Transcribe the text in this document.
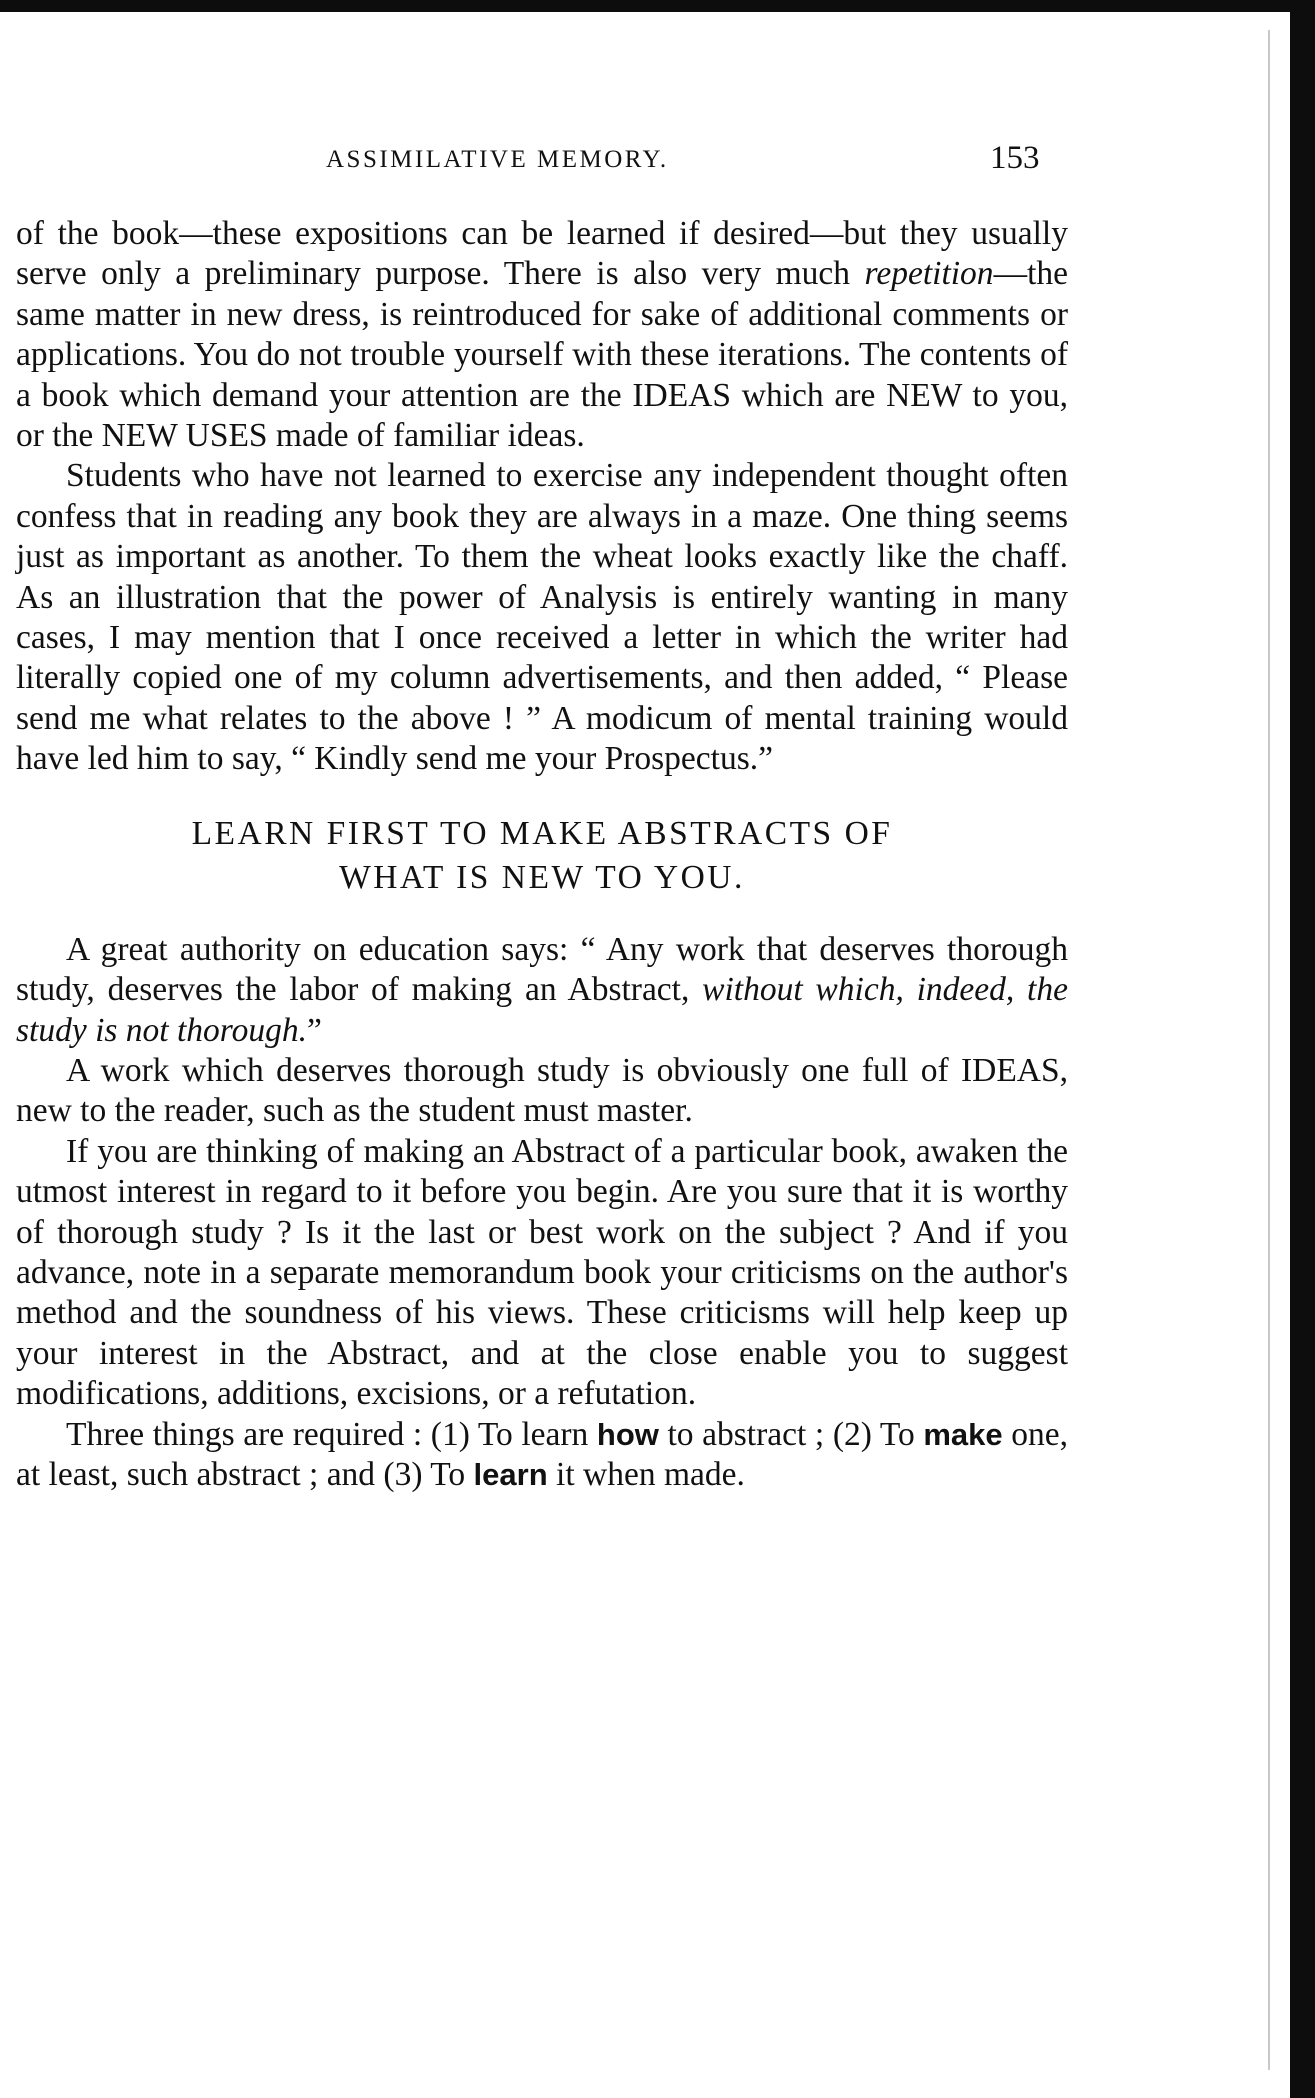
ASSIMILATIVE MEMORY.	153

of the book—these expositions can be learned if desired—but they usually serve only a preliminary purpose. There is also very much repetition—the same matter in new dress, is reintroduced for sake of additional comments or applications. You do not trouble yourself with these iterations. The contents of a book which demand your attention are the IDEAS which are NEW to you, or the NEW USES made of familiar ideas.

Students who have not learned to exercise any independent thought often confess that in reading any book they are always in a maze. One thing seems just as important as another. To them the wheat looks exactly like the chaff. As an illustration that the power of Analysis is entirely wanting in many cases, I may mention that I once received a letter in which the writer had literally copied one of my column advertisements, and then added, “ Please send me what relates to the above ! ” A modicum of mental training would have led him to say, “ Kindly send me your Prospectus.”

LEARN FIRST TO MAKE ABSTRACTS OF

WHAT IS NEW TO YOU.

A great authority on education says: “ Any work that deserves thorough study, deserves the labor of making an Abstract, without which, indeed, the study is not thorough.”

A work which deserves thorough study is obviously one full of IDEAS, new to the reader, such as the student must master.

If you are thinking of making an Abstract of a particular book, awaken the utmost interest in regard to it before you begin. Are you sure that it is worthy of thorough study ? Is it the last or best work on the subject ? And if you advance, note in a separate memorandum book your criticisms on the author's method and the soundness of his views. These criticisms will help keep up your interest in the Abstract, and at the close enable you to suggest modifications, additions, excisions, or a refutation.

Three things are required : (1) To learn how to abstract ; (2) To make one, at least, such abstract ; and (3) To learn it when made.
